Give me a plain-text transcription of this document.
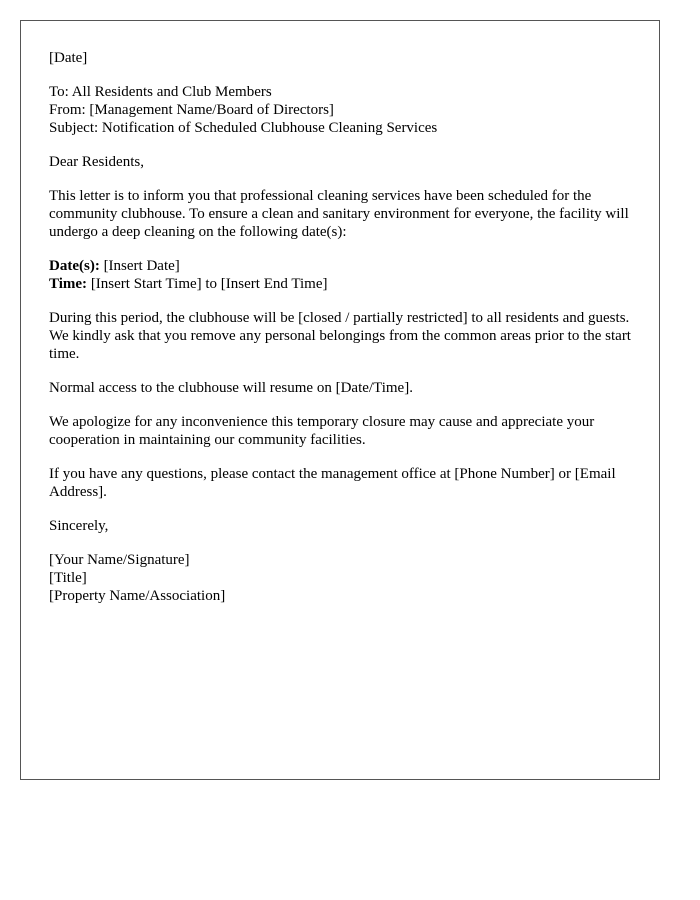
[Date]

To: All Residents and Club Members
From: [Management Name/Board of Directors]
Subject: Notification of Scheduled Clubhouse Cleaning Services

Dear Residents,

This letter is to inform you that professional cleaning services have been scheduled for the community clubhouse. To ensure a clean and sanitary environment for everyone, the facility will undergo a deep cleaning on the following date(s):

Date(s): [Insert Date]
Time: [Insert Start Time] to [Insert End Time]

During this period, the clubhouse will be [closed / partially restricted] to all residents and guests. We kindly ask that you remove any personal belongings from the common areas prior to the start time.

Normal access to the clubhouse will resume on [Date/Time].

We apologize for any inconvenience this temporary closure may cause and appreciate your cooperation in maintaining our community facilities.

If you have any questions, please contact the management office at [Phone Number] or [Email Address].

Sincerely,

[Your Name/Signature]
[Title]
[Property Name/Association]
